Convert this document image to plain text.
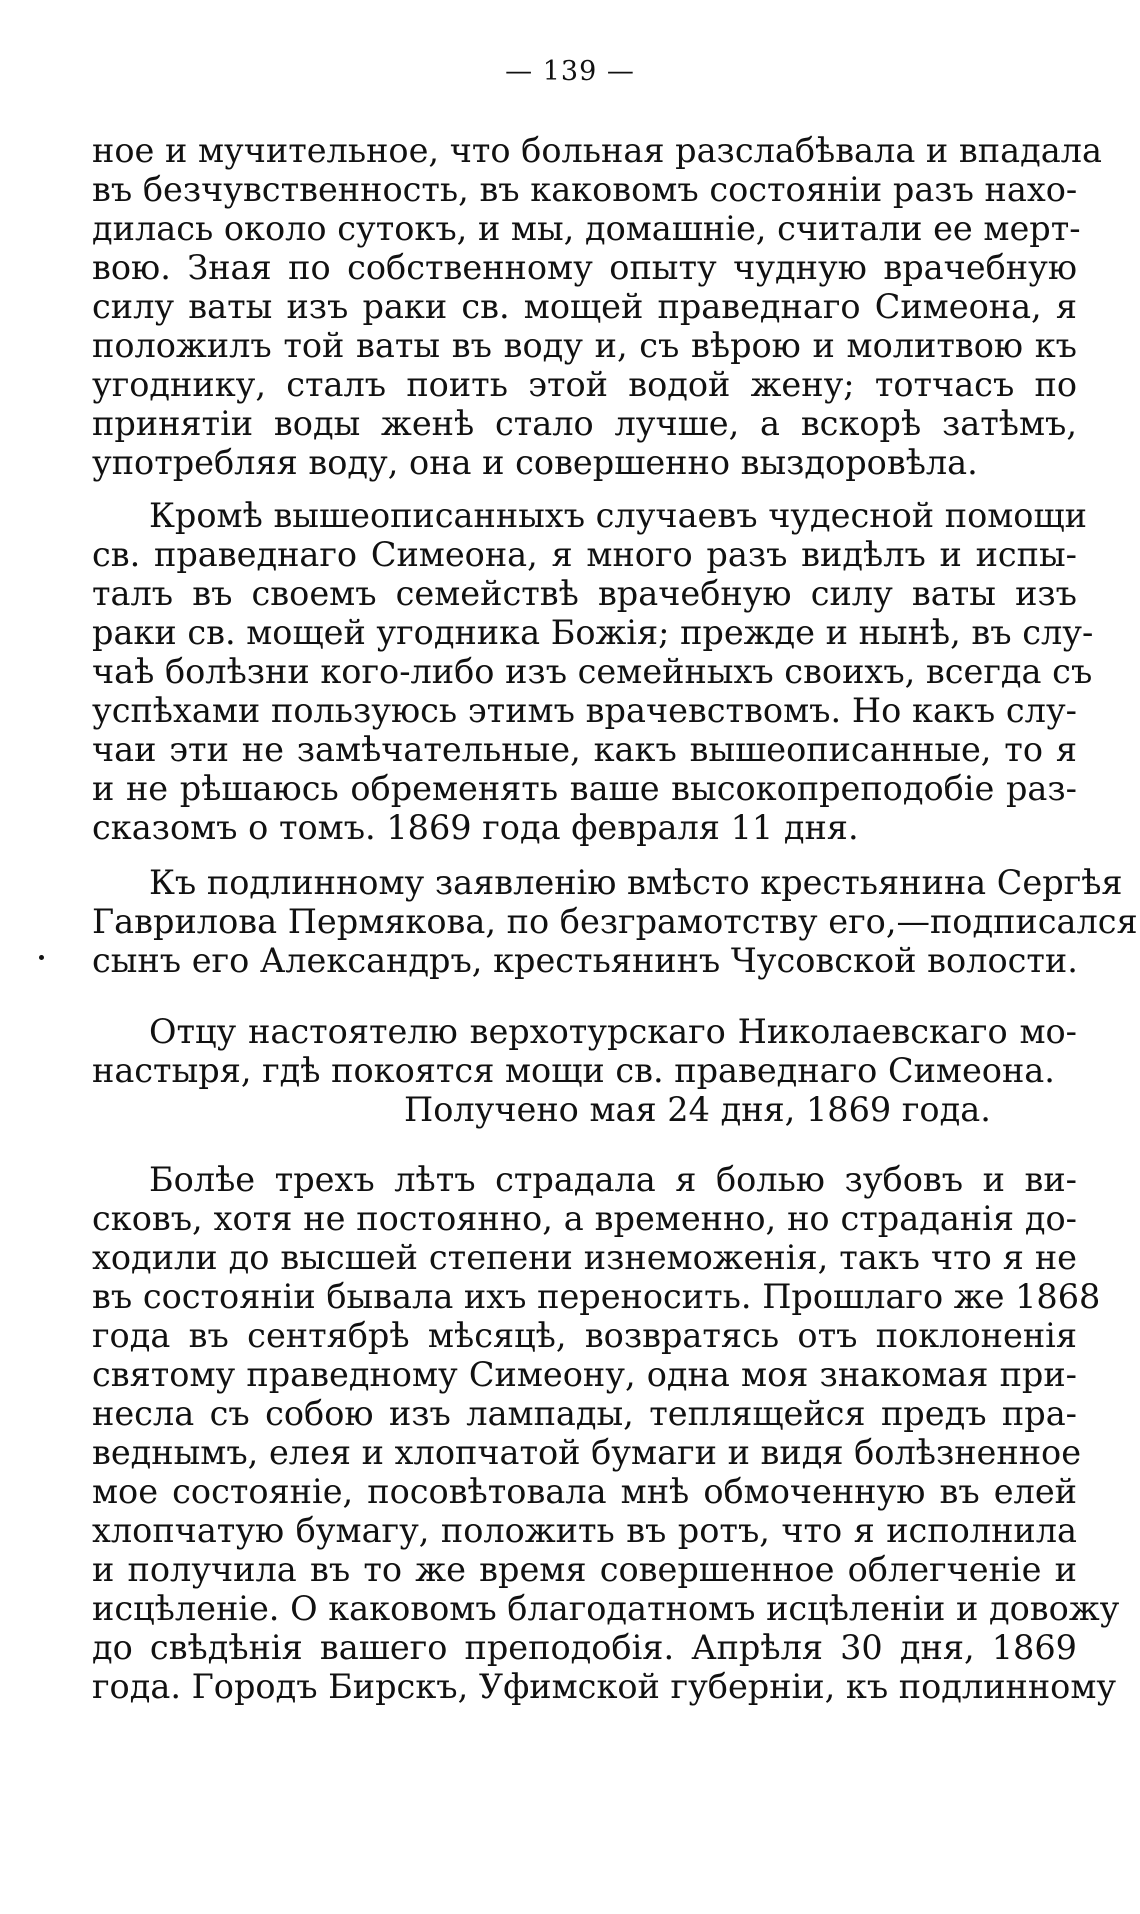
— 139 —
ное и мучительное, что больная разслабѣвала и впадала
въ безчувственность, въ каковомъ состоянiи разъ нахо-
дилась около сутокъ, и мы, домашнiе, считали ее мерт-
вою. Зная по собственному опыту чудную врачебную
силу ваты изъ раки св. мощей праведнаго Симеона, я
положилъ той ваты въ воду и, съ вѣрою и молитвою къ
угоднику, сталъ поить этой водой жену; тотчасъ по
принятiи воды женѣ стало лучше, а вскорѣ затѣмъ,
употребляя воду, она и совершенно выздоровѣла.
Кромѣ вышеописанныхъ случаевъ чудесной помощи
св. праведнаго Симеона, я много разъ видѣлъ и испы-
талъ въ своемъ семействѣ врачебную силу ваты изъ
раки св. мощей угодника Божiя; прежде и нынѣ, въ слу-
чаѣ болѣзни кого-либо изъ семейныхъ своихъ, всегда съ
успѣхами пользуюсь этимъ врачевствомъ. Но какъ слу-
чаи эти не замѣчательные, какъ вышеописанные, то я
и не рѣшаюсь обременять ваше высокопреподобiе раз-
сказомъ о томъ. 1869 года февраля 11 дня.
Къ подлинному заявленiю вмѣсто крестьянина Сергѣя
Гаврилова Пермякова, по безграмотству его,—подписался
сынъ его Александръ, крестьянинъ Чусовской волости.
Отцу настоятелю верхотурскаго Николаевскаго мо-
настыря, гдѣ покоятся мощи св. праведнаго Симеона.
Получено мая 24 дня, 1869 года.
Болѣе трехъ лѣтъ страдала я болью зубовъ и ви-
сковъ, хотя не постоянно, а временно, но страданiя до-
ходили до высшей степени изнеможенiя, такъ что я не
въ состоянiи бывала ихъ переносить. Прошлаго же 1868
года въ сентябрѣ мѣсяцѣ, возвратясь отъ поклоненiя
святому праведному Симеону, одна моя знакомая при-
несла съ собою изъ лампады, теплящейся предъ пра-
веднымъ, елея и хлопчатой бумаги и видя болѣзненное
мое состоянiе, посовѣтовала мнѣ обмоченную въ елей
хлопчатую бумагу, положить въ ротъ, что я исполнила
и получила въ то же время совершенное облегченiе и
исцѣленiе. О каковомъ благодатномъ исцѣленiи и довожу
до свѣдѣнiя вашего преподобiя. Апрѣля 30 дня, 1869
года. Городъ Бирскъ, Уфимской губернiи, къ подлинному
